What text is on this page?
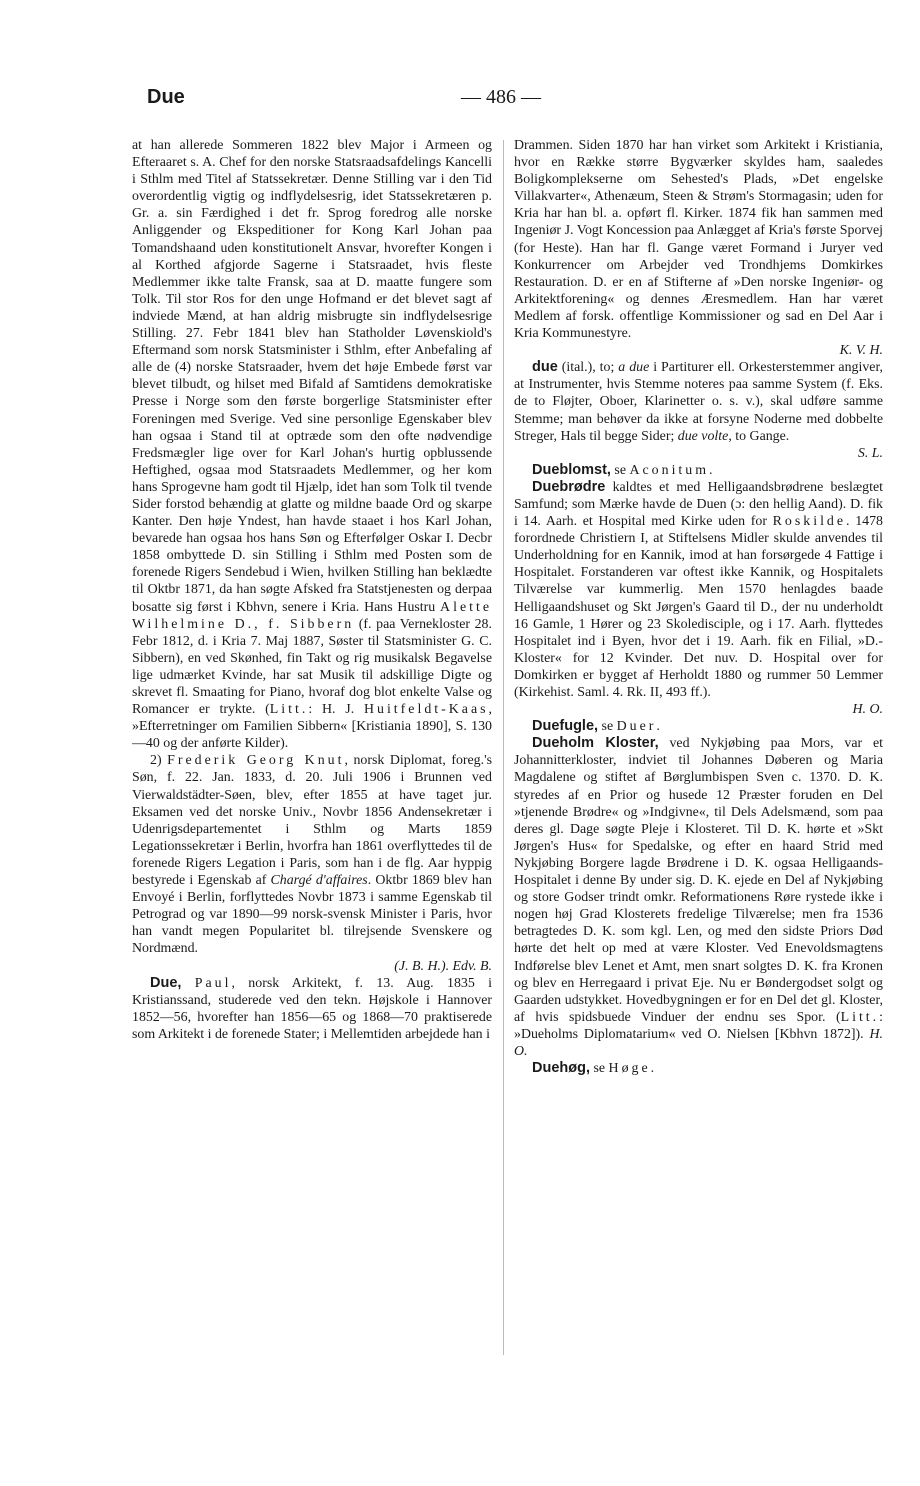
Due	— 486 —

at han allerede Sommeren 1822 blev Major i Armeen og Efteraaret s. A. Chef for den norske Statsraadsafdelings Kancelli i Sthlm med Titel af Statssekretær. Denne Stilling var i den Tid overordentlig vigtig og indflydelsesrig, idet Statssekretæren p. Gr. a. sin Færdighed i det fr. Sprog foredrog alle norske Anliggender og Ekspeditioner for Kong Karl Johan paa Tomandshaand uden konstitutionelt Ansvar, hvorefter Kongen i al Korthed afgjorde Sagerne i Statsraadet, hvis fleste Medlemmer ikke talte Fransk, saa at D. maatte fungere som Tolk. Til stor Ros for den unge Hofmand er det blevet sagt af indviede Mænd, at han aldrig misbrugte sin indflydelsesrige Stilling. 27. Febr 1841 blev han Statholder Løvenskiold's Eftermand som norsk Statsminister i Sthlm, efter Anbefaling af alle de (4) norske Statsraader, hvem det høje Embede først var blevet tilbudt, og hilset med Bifald af Samtidens demokratiske Presse i Norge som den første borgerlige Statsminister efter Foreningen med Sverige. Ved sine personlige Egenskaber blev han ogsaa i Stand til at optræde som den ofte nødvendige Fredsmægler lige over for Karl Johan's hurtig opblussende Heftighed, ogsaa mod Statsraadets Medlemmer, og her kom hans Sprogevne ham godt til Hjælp, idet han som Tolk til tvende Sider forstod behændig at glatte og mildne baade Ord og skarpe Kanter. Den høje Yndest, han havde staaet i hos Karl Johan, bevarede han ogsaa hos hans Søn og Efterfølger Oskar I. Decbr 1858 ombyttede D. sin Stilling i Sthlm med Posten som de forenede Rigers Sendebud i Wien, hvilken Stilling han beklædte til Oktbr 1871, da han søgte Afsked fra Statstjenesten og derpaa bosatte sig først i Kbhvn, senere i Kria. Hans Hustru Alette Wilhelmine D., f. Sibbern (f. paa Vernekloster 28. Febr 1812, d. i Kria 7. Maj 1887, Søster til Statsminister G. C. Sibbern), en ved Skønhed, fin Takt og rig musikalsk Begavelse lige udmærket Kvinde, har sat Musik til adskillige Digte og skrevet fl. Smaating for Piano, hvoraf dog blot enkelte Valse og Romancer er trykte. (Litt.: H. J. Huitfeldt-Kaas, »Efterretninger om Familien Sibbern« [Kristiania 1890], S. 130—40 og der anførte Kilder).

2) Frederik Georg Knut, norsk Diplomat, foreg.'s Søn, f. 22. Jan. 1833, d. 20. Juli 1906 i Brunnen ved Vierwaldstädter-Søen, blev, efter 1855 at have taget jur. Eksamen ved det norske Univ., Novbr 1856 Andensekretær i Udenrigsdepartementet i Sthlm og Marts 1859 Legationssekretær i Berlin, hvorfra han 1861 overflyttedes til de forenede Rigers Legation i Paris, som han i de flg. Aar hyppig bestyrede i Egenskab af Chargé d'affaires. Oktbr 1869 blev han Envoyé i Berlin, forflyttedes Novbr 1873 i samme Egenskab til Petrograd og var 1890—99 norsk-svensk Minister i Paris, hvor han vandt megen Popularitet bl. tilrejsende Svenskere og Nordmænd.
(J. B. H.). Edv. B.

Due, Paul, norsk Arkitekt, f. 13. Aug. 1835 i Kristianssand, studerede ved den tekn. Højskole i Hannover 1852—56, hvorefter han 1856—65 og 1868—70 praktiserede som Arkitekt i de forenede Stater; i Mellemtiden arbejdede han i

Drammen. Siden 1870 har han virket som Arkitekt i Kristiania, hvor en Række større Bygværker skyldes ham, saaledes Boligkomplekserne om Sehested's Plads, »Det engelske Villakvarter«, Athenæum, Steen & Strøm's Stormagasin; uden for Kria har han bl. a. opført fl. Kirker. 1874 fik han sammen med Ingeniør J. Vogt Koncession paa Anlægget af Kria's første Sporvej (for Heste). Han har fl. Gange været Formand i Juryer ved Konkurrencer om Arbejder ved Trondhjems Domkirkes Restauration. D. er en af Stifterne af »Den norske Ingeniør- og Arkitektforening« og dennes Æresmedlem. Han har været Medlem af forsk. offentlige Kommissioner og sad en Del Aar i Kria Kommunestyre.
K. V. H.

due (ital.), to; a due i Partiturer ell. Orkesterstemmer angiver, at Instrumenter, hvis Stemme noteres paa samme System (f. Eks. de to Fløjter, Oboer, Klarinetter o. s. v.), skal udføre samme Stemme; man behøver da ikke at forsyne Noderne med dobbelte Streger, Hals til begge Sider; due volte, to Gange.
S. L.

Dueblomst, se Aconitum.

Duebrødre kaldtes et med Helligaandsbrødrene beslægtet Samfund; som Mærke havde de Duen (ɔ: den hellig Aand). D. fik i 14. Aarh. et Hospital med Kirke uden for Roskilde. 1478 forordnede Christiern I, at Stiftelsens Midler skulde anvendes til Underholdning for en Kannik, imod at han forsørgede 4 Fattige i Hospitalet. Forstanderen var oftest ikke Kannik, og Hospitalets Tilværelse var kummerlig. Men 1570 henlagdes baade Helligaandshuset og Skt Jørgen's Gaard til D., der nu underholdt 16 Gamle, 1 Hører og 23 Skoledisciple, og i 17. Aarh. flyttedes Hospitalet ind i Byen, hvor det i 19. Aarh. fik en Filial, »D.-Kloster« for 12 Kvinder. Det nuv. D. Hospital over for Domkirken er bygget af Herholdt 1880 og rummer 50 Lemmer (Kirkehist. Saml. 4. Rk. II, 493 ff.).
H. O.

Duefugle, se Duer.

Dueholm Kloster, ved Nykjøbing paa Mors, var et Johannitterkloster, indviet til Johannes Døberen og Maria Magdalene og stiftet af Børglumbispen Sven c. 1370. D. K. styredes af en Prior og husede 12 Præster foruden en Del »tjenende Brødre« og »Indgivne«, til Dels Adelsmænd, som paa deres gl. Dage søgte Pleje i Klosteret. Til D. K. hørte et »Skt Jørgen's Hus« for Spedalske, og efter en haard Strid med Nykjøbing Borgere lagde Brødrene i D. K. ogsaa Helligaands-Hospitalet i denne By under sig. D. K. ejede en Del af Nykjøbing og store Godser trindt omkr. Reformationens Røre rystede ikke i nogen høj Grad Klosterets fredelige Tilværelse; men fra 1536 betragtedes D. K. som kgl. Len, og med den sidste Priors Død hørte det helt op med at være Kloster. Ved Enevoldsmagtens Indførelse blev Lenet et Amt, men snart solgtes D. K. fra Kronen og blev en Herregaard i privat Eje. Nu er Bøndergodset solgt og Gaarden udstykket. Hovedbygningen er for en Del det gl. Kloster, af hvis spidsbuede Vinduer der endnu ses Spor. (Litt.: »Dueholms Diplomatarium« ved O. Nielsen [Kbhvn 1872]). H. O.

Duehøg, se Høge.
